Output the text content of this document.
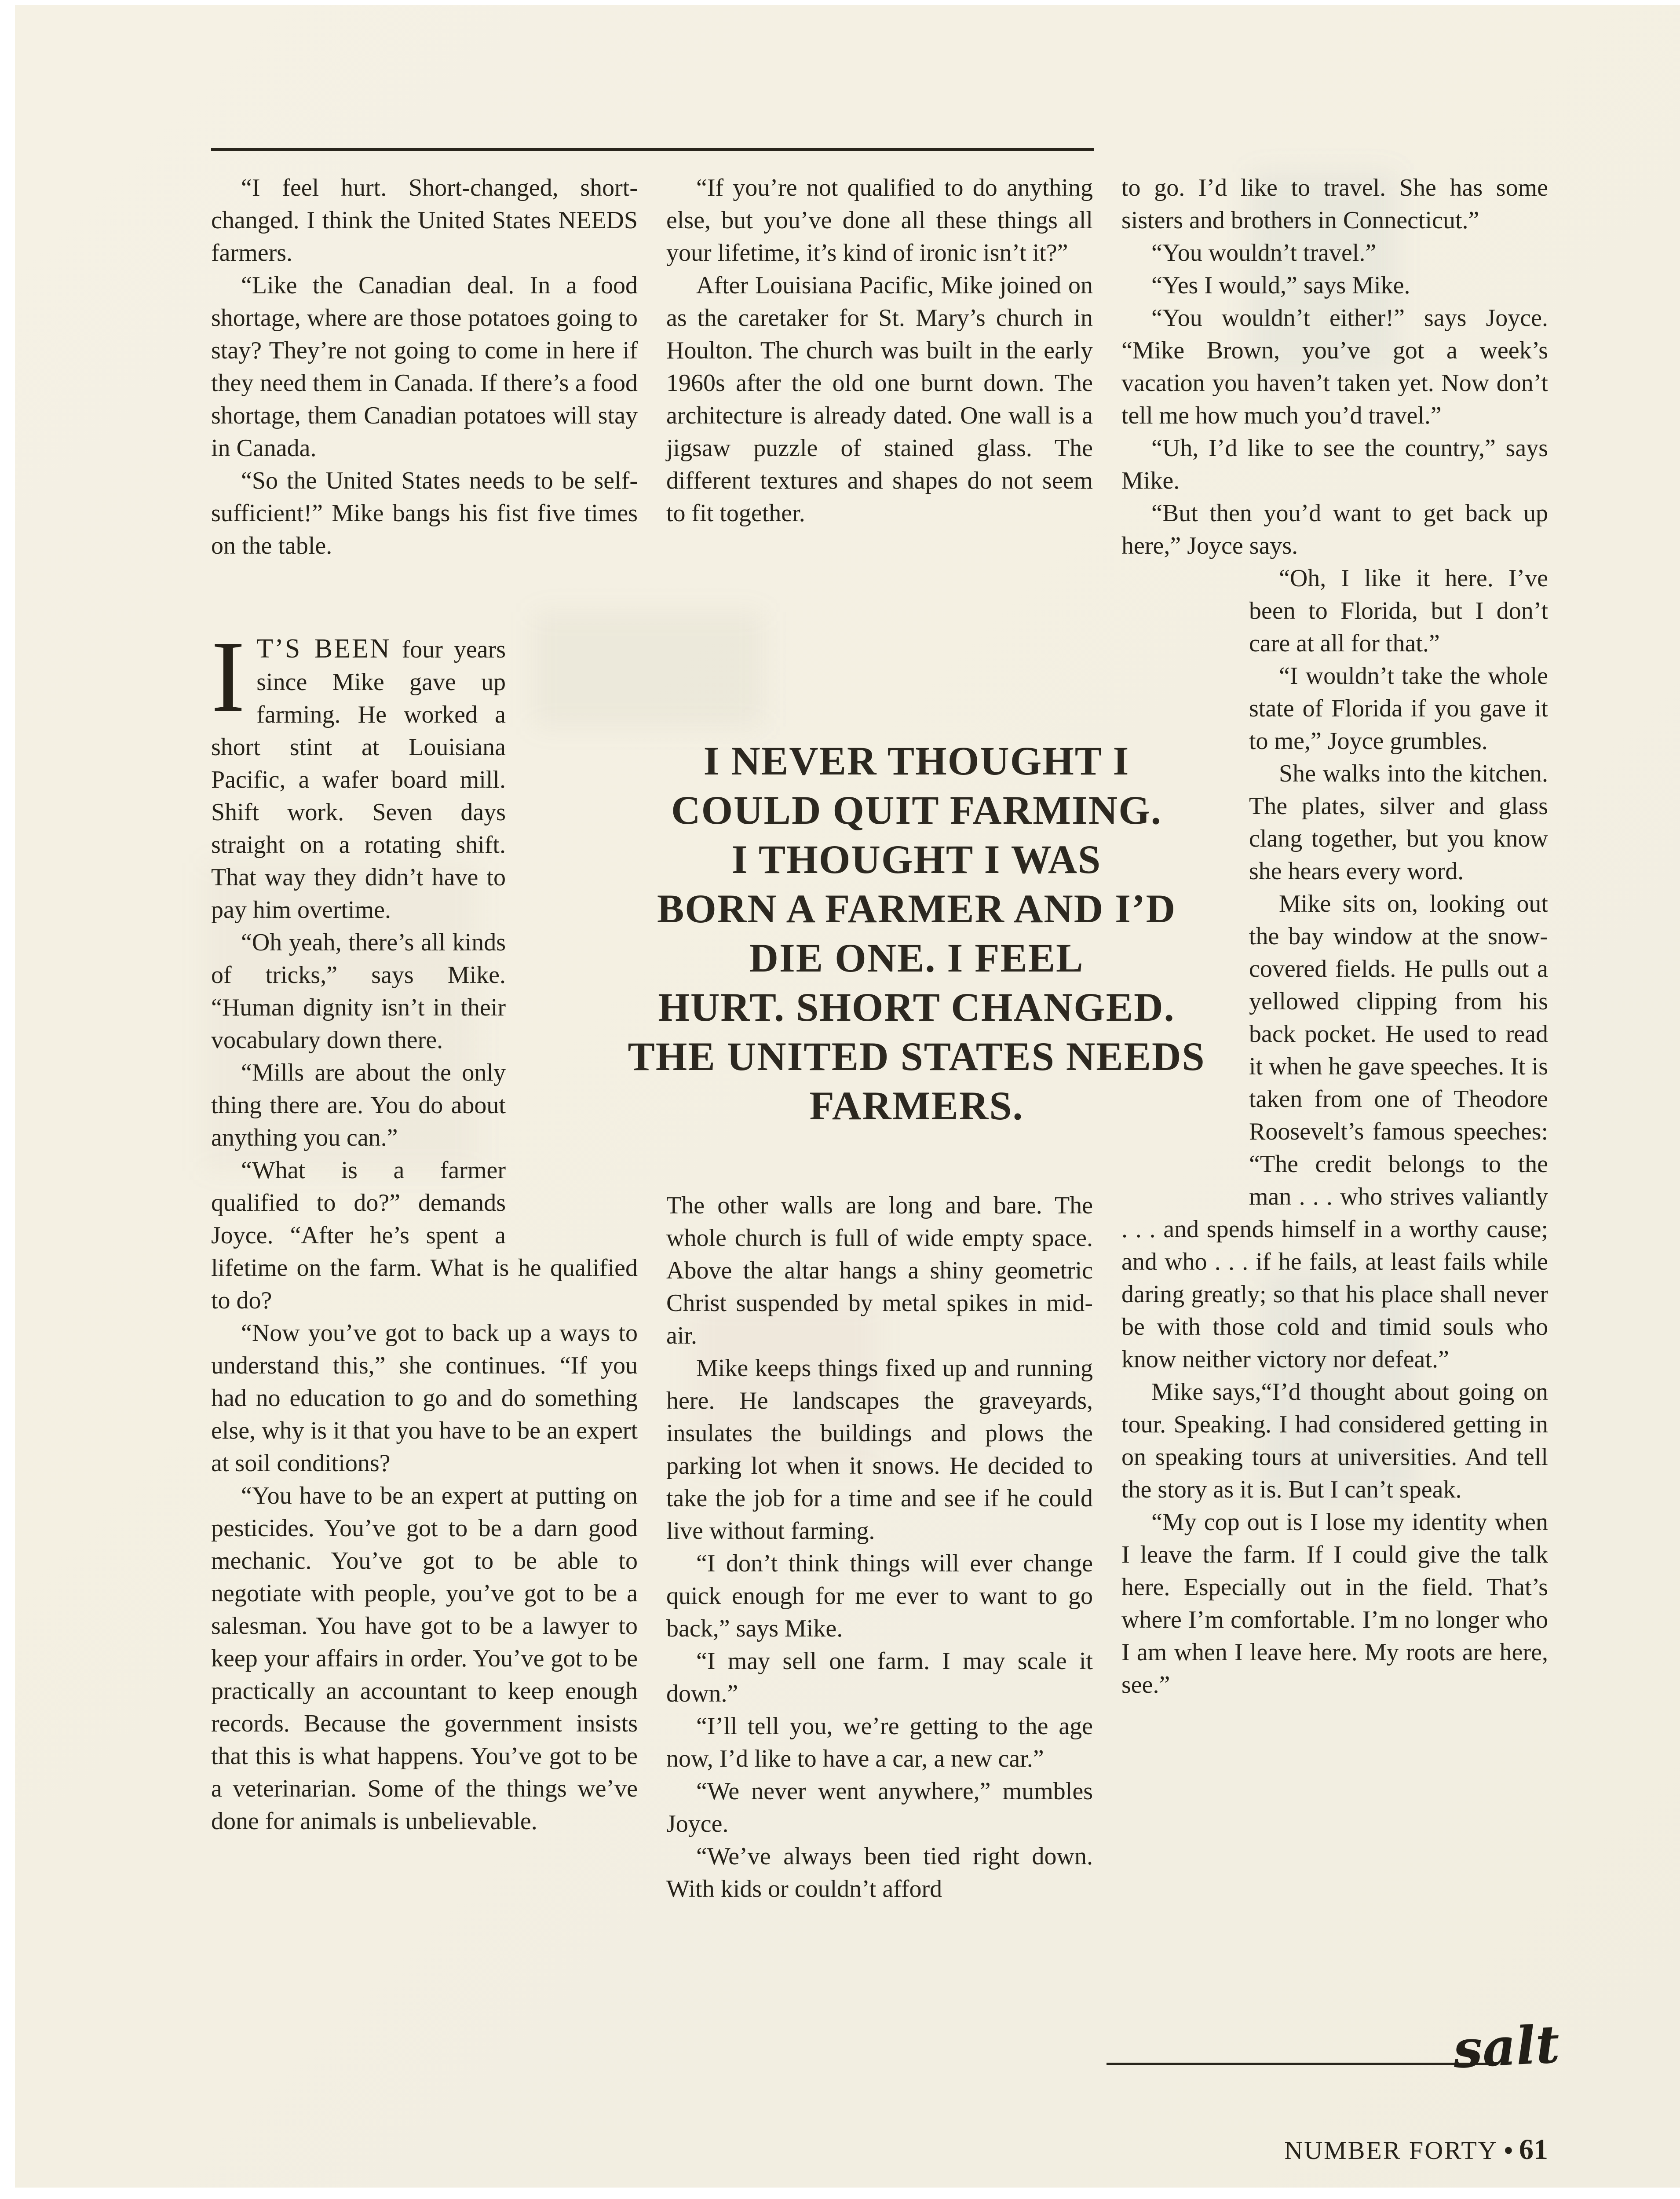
“I feel hurt. Short-changed, short-changed. I think the United States NEEDS farmers.

“Like the Canadian deal. In a food shortage, where are those potatoes going to stay? They’re not going to come in here if they need them in Canada. If there’s a food shortage, them Canadian potatoes will stay in Canada.

“So the United States needs to be self-sufficient!” Mike bangs his fist five times on the table.

I T’S BEEN four years since Mike gave up farming. He worked a short stint at Louisiana Pacific, a wafer board mill. Shift work. Seven days straight on a rotating shift. That way they didn’t have to pay him overtime.

“Oh yeah, there’s all kinds of tricks,” says Mike. “Human dignity isn’t in their vocabulary down there.

“Mills are about the only thing there are. You do about anything you can.”

“What is a farmer qualified to do?” demands Joyce. “After he’s spent a lifetime on the farm. What is he qualified to do?

“Now you’ve got to back up a ways to understand this,” she continues. “If you had no education to go and do something else, why is it that you have to be an expert at soil conditions?

“You have to be an expert at putting on pesticides. You’ve got to be a darn good mechanic. You’ve got to be able to negotiate with people, you’ve got to be a salesman. You have got to be a lawyer to keep your affairs in order. You’ve got to be practically an accountant to keep enough records. Because the government insists that this is what happens. You’ve got to be a veterinarian. Some of the things we’ve done for animals is unbelievable.

“If you’re not qualified to do anything else, but you’ve done all these things all your lifetime, it’s kind of ironic isn’t it?”

After Louisiana Pacific, Mike joined on as the caretaker for St. Mary’s church in Houlton. The church was built in the early 1960s after the old one burnt down. The architecture is already dated. One wall is a jigsaw puzzle of stained glass. The different textures and shapes do not seem to fit together.

The other walls are long and bare. The whole church is full of wide empty space. Above the altar hangs a shiny geometric Christ suspended by metal spikes in mid-air.

Mike keeps things fixed up and running here. He landscapes the graveyards, insulates the buildings and plows the parking lot when it snows. He decided to take the job for a time and see if he could live without farming.

“I don’t think things will ever change quick enough for me ever to want to go back,” says Mike.

“I may sell one farm. I may scale it down.”

“I’ll tell you, we’re getting to the age now, I’d like to have a car, a new car.”

“We never went anywhere,” mumbles Joyce.

“We’ve always been tied right down. With kids or couldn’t afford

to go. I’d like to travel. She has some sisters and brothers in Connecticut.”

“You wouldn’t travel.”

“Yes I would,” says Mike.

“You wouldn’t either!” says Joyce. “Mike Brown, you’ve got a week’s vacation you haven’t taken yet. Now don’t tell me how much you’d travel.”

“Uh, I’d like to see the country,” says Mike.

“But then you’d want to get back up here,” Joyce says.

“Oh, I like it here. I’ve been to Florida, but I don’t care at all for that.”

“I wouldn’t take the whole state of Florida if you gave it to me,” Joyce grumbles.

She walks into the kitchen. The plates, silver and glass clang together, but you know she hears every word.

Mike sits on, looking out the bay window at the snow-covered fields. He pulls out a yellowed clipping from his back pocket. He used to read it when he gave speeches. It is taken from one of Theodore Roosevelt’s famous speeches: “The credit belongs to the man . . . who strives valiantly . . . and spends himself in a worthy cause; and who . . . if he fails, at least fails while daring greatly; so that his place shall never be with those cold and timid souls who know neither victory nor defeat.”

Mike says,“I’d thought about going on tour. Speaking. I had considered getting in on speaking tours at universities. And tell the story as it is. But I can’t speak.

“My cop out is I lose my identity when I leave the farm. If I could give the talk here. Especially out in the field. That’s where I’m comfortable. I’m no longer who I am when I leave here. My roots are here, see.”

I NEVER THOUGHT I
COULD QUIT FARMING.
I THOUGHT I WAS
BORN A FARMER AND I’D
DIE ONE. I FEEL
HURT. SHORT CHANGED.
THE UNITED STATES NEEDS
FARMERS.
salt
NUMBER FORTY • 61
